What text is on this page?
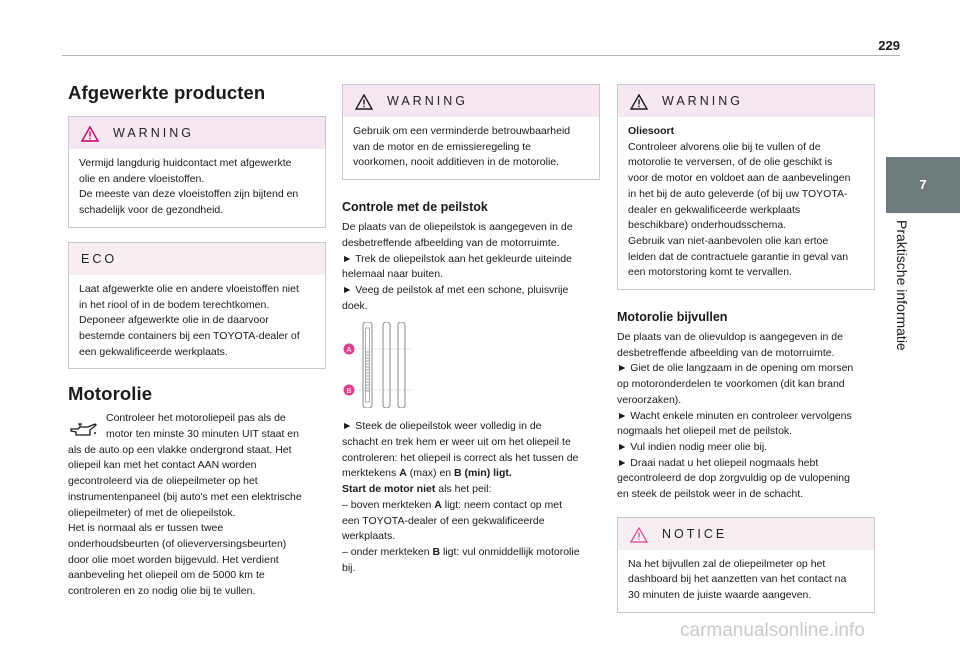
229
7
Praktische informatie
Afgewerkte producten
WARNING
Vermijd langdurig huidcontact met afgewerkte
olie en andere vloeistoffen.
De meeste van deze vloeistoffen zijn bijtend en
schadelijk voor de gezondheid.
ECO
Laat afgewerkte olie en andere vloeistoffen niet
in het riool of in de bodem terechtkomen.
Deponeer afgewerkte olie in de daarvoor
bestemde containers bij een TOYOTA-dealer of
een gekwalificeerde werkplaats.
Motorolie
Controleer het motoroliepeil pas als de
motor ten minste 30 minuten UIT staat en

als de auto op een vlakke ondergrond staat. Het
oliepeil kan met het contact AAN worden
gecontroleerd via de oliepeilmeter op het
instrumentenpaneel (bij auto's met een elektrische
oliepeilmeter) of met de oliepeilstok.
Het is normaal als er tussen twee
onderhoudsbeurten (of olieverversingsbeurten)
door olie moet worden bijgevuld. Het verdient
aanbeveling het oliepeil om de 5000 km te
controleren en zo nodig olie bij te vullen.

WARNING
Gebruik om een verminderde betrouwbaarheid
van de motor en de emissieregeling te
voorkomen, nooit additieven in de motorolie.
Controle met de peilstok

De plaats van de oliepeilstok is aangegeven in de
desbetreffende afbeelding van de motorruimte.
► Trek de oliepeilstok aan het gekleurde uiteinde
helemaal naar buiten.
► Veeg de peilstok af met een schone, pluisvrije
doek.

A
B

► Steek de oliepeilstok weer volledig in de
schacht en trek hem er weer uit om het oliepeil te
controleren: het oliepeil is correct als het tussen de
merktekens A (max) en B (min) ligt.
Start de motor niet als het peil:
– boven merkteken A ligt: neem contact op met
een TOYOTA-dealer of een gekwalificeerde
werkplaats.
– onder merkteken B ligt: vul onmiddellijk motorolie
bij.

WARNING
Oliesoort
Controleer alvorens olie bij te vullen of de
motorolie te verversen, of de olie geschikt is
voor de motor en voldoet aan de aanbevelingen
in het bij de auto geleverde (of bij uw TOYOTA-
dealer en gekwalificeerde werkplaats
beschikbare) onderhoudsschema.
Gebruik van niet-aanbevolen olie kan ertoe
leiden dat de contractuele garantie in geval van
een motorstoring komt te vervallen.
Motorolie bijvullen

De plaats van de olievuldop is aangegeven in de
desbetreffende afbeelding van de motorruimte.
► Giet de olie langzaam in de opening om morsen
op motoronderdelen te voorkomen (dit kan brand
veroorzaken).
► Wacht enkele minuten en controleer vervolgens
nogmaals het oliepeil met de peilstok.
► Vul indien nodig meer olie bij.
► Draai nadat u het oliepeil nogmaals hebt
gecontroleerd de dop zorgvuldig op de vulopening
en steek de peilstok weer in de schacht.

NOTICE
Na het bijvullen zal de oliepeilmeter op het
dashboard bij het aanzetten van het contact na
30 minuten de juiste waarde aangeven.
carmanualsonline.info
